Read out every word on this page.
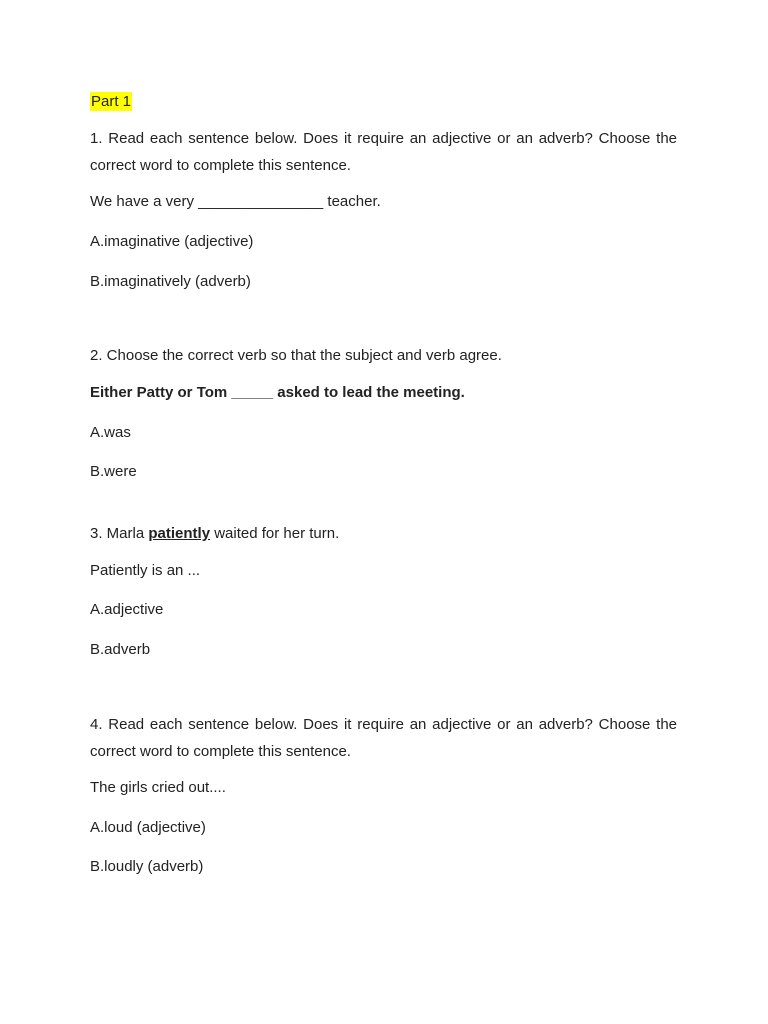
Part 1
1. Read each sentence below. Does it require an adjective or an adverb? Choose the correct word to complete this sentence.
We have a very _______________ teacher.
A.imaginative (adjective)
B.imaginatively (adverb)
2. Choose the correct verb so that the subject and verb agree.
Either Patty or Tom _____ asked to lead the meeting.
A.was
B.were
3. Marla patiently waited for her turn.
Patiently is an ...
A.adjective
B.adverb
4. Read each sentence below. Does it require an adjective or an adverb? Choose the correct word to complete this sentence.
The girls cried out....
A.loud (adjective)
B.loudly (adverb)
